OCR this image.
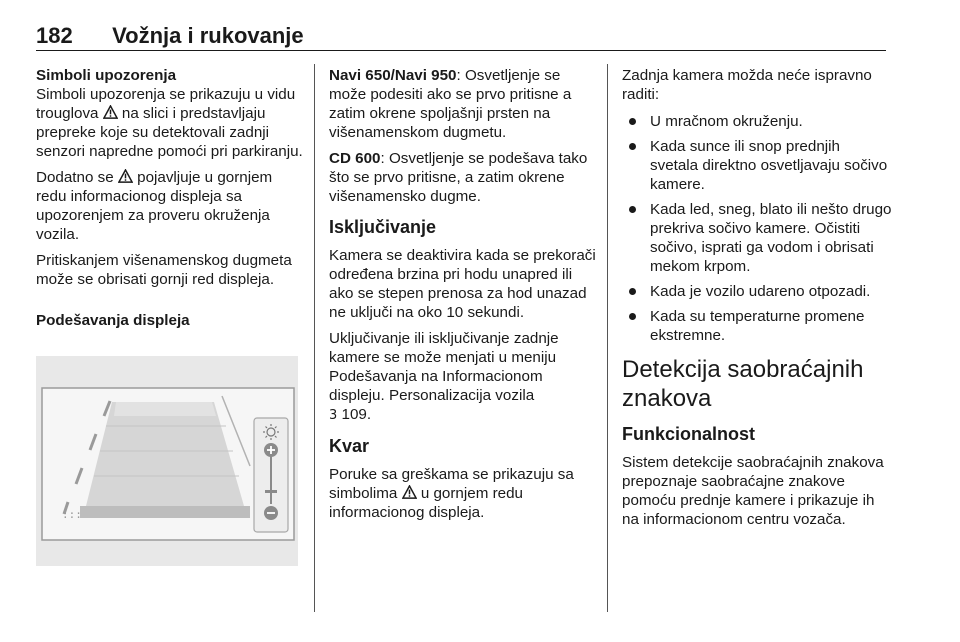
182 Vožnja i rukovanje

Simboli upozorenja

Simboli upozorenja se prikazuju u vidu trouglova  na slici i predstavljaju prepreke koje su detektovali zadnji senzori napredne pomoći pri parkiranju.

Dodatno se  pojavljuje u gornjem redu informacionog displeja sa upozorenjem za proveru okruženja vozila.

Pritiskanjem višenamenskog dugmeta može se obrisati gornji red displeja.

Podešavanja displeja

:::

Navi 650/Navi 950: Osvetljenje se može podesiti ako se prvo pritisne a zatim okrene spoljašnji prsten na višenamenskom dugmetu.

CD 600: Osvetljenje se podešava tako što se prvo pritisne, a zatim okrene višenamensko dugme.

Isključivanje

Kamera se deaktivira kada se prekorači određena brzina pri hodu unapred ili ako se stepen prenosa za hod unazad ne uključi na oko 10 sekundi.

Uključivanje ili isključivanje zadnje kamere se može menjati u meniju Podešavanja na Informacionom displeju. Personalizacija vozila
3 109.

Kvar

Poruke sa greškama se prikazuju sa simbolima  u gornjem redu informacionog displeja.

Zadnja kamera možda neće ispravno raditi:

U mračnom okruženju.
Kada sunce ili snop prednjih svetala direktno osvetljavaju sočivo kamere.
Kada led, sneg, blato ili nešto drugo prekriva sočivo kamere. Očistiti sočivo, isprati ga vodom i obrisati mekom krpom.
Kada je vozilo udareno otpozadi.
Kada su temperaturne promene ekstremne.

Detekcija saobraćajnih znakova

Funkcionalnost

Sistem detekcije saobraćajnih znakova prepoznaje saobraćajne znakove pomoću prednje kamere i prikazuje ih na informacionom centru vozača.
